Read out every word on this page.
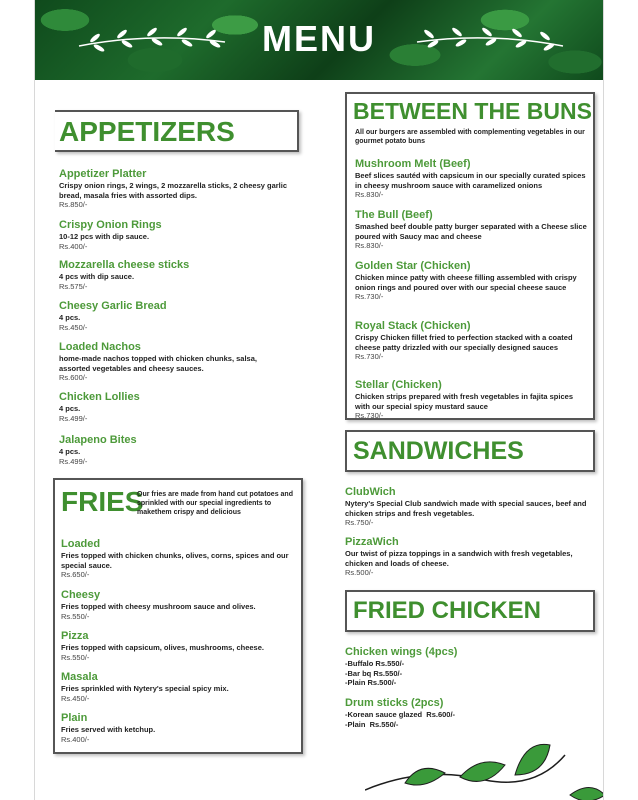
MENU
APPETIZERS
Appetizer Platter
Crispy onion rings, 2 wings, 2 mozzarella sticks, 2 cheesy garlic bread, masala fries with assorted dips.
Rs.850/-
Crispy Onion Rings
10-12 pcs with dip sauce.
Rs.400/-
Mozzarella cheese sticks
4 pcs with dip sauce.
Rs.575/-
Cheesy Garlic Bread
4 pcs.
Rs.450/-
Loaded Nachos
home-made nachos topped with chicken chunks, salsa, assorted vegetables and cheesy sauces.
Rs.600/-
Chicken Lollies
4 pcs.
Rs.499/-
Jalapeno Bites
4 pcs.
Rs.499/-
FRIES
Our fries are made from hand cut potatoes and sprinkled with our special ingredients to makethem crispy and delicious
Loaded
Fries topped with chicken chunks, olives, corns, spices and our special sauce.
Rs.650/-
Cheesy
Fries topped with cheesy mushroom sauce and olives.
Rs.550/-
Pizza
Fries topped with capsicum, olives, mushrooms, cheese.
Rs.550/-
Masala
Fries sprinkled with Nytery's special spicy mix.
Rs.450/-
Plain
Fries served with ketchup.
Rs.400/-
BETWEEN THE BUNS
All our burgers are assembled with complementing vegetables in our gourmet potato buns
Mushroom Melt (Beef)
Beef slices sautéd with capsicum in our specially curated spices in cheesy mushroom sauce with caramelized onions
Rs.830/-
The Bull (Beef)
Smashed beef double patty burger separated with a Cheese slice poured with Saucy mac and cheese
Rs.830/-
Golden Star (Chicken)
Chicken mince patty with cheese filling assembled with crispy onion rings and poured over with our special cheese sauce
Rs.730/-
Royal Stack (Chicken)
Crispy Chicken fillet fried to perfection stacked with a coated cheese patty drizzled with our specially designed sauces
Rs.730/-
Stellar (Chicken)
Chicken strips prepared with fresh vegetables in fajita spices with our special spicy mustard sauce
Rs.730/-
SANDWICHES
ClubWich
Nytery's Special Club sandwich made with special sauces, beef and chicken strips and fresh vegetables.
Rs.750/-
PizzaWich
Our twist of pizza toppings in a sandwich with fresh vegetables, chicken and loads of cheese.
Rs.500/-
FRIED CHICKEN
Chicken wings (4pcs)
-Buffalo Rs.550/-
-Bar bq Rs.550/-
-Plain Rs.500/-
Drum sticks (2pcs)
-Korean sauce glazed  Rs.600/-
-Plain  Rs.550/-
